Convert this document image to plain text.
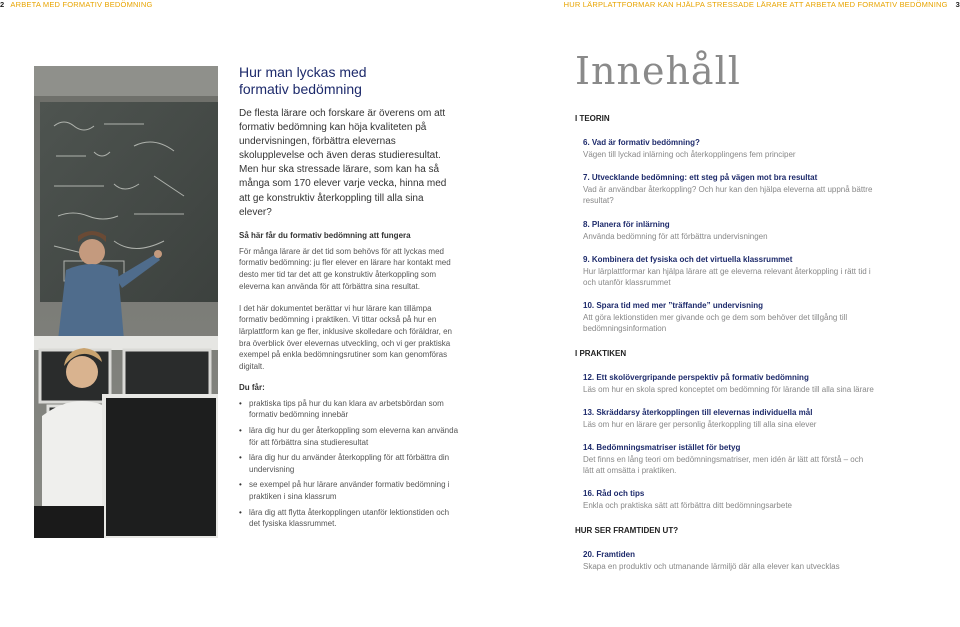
2 ARBETA MED FORMATIV BEDÖMNING	HUR LÄRPLATTFORMAR KAN HJÄLPA STRESSADE LÄRARE ATT ARBETA MED FORMATIV BEDÖMNING 3
Hur man lyckas med formativ bedömning

De flesta lärare och forskare är överens om att formativ bedömning kan höja kvaliteten på undervisningen, förbättra elevernas skolupplevelse och även deras studieresultat. Men hur ska stressade lärare, som kan ha så många som 170 elever varje vecka, hinna med att ge konstruktiv återkoppling till alla sina elever?

Så här får du formativ bedömning att fungera

För många lärare är det tid som behövs för att lyckas med formativ bedömning: ju fler elever en lärare har kontakt med desto mer tid tar det att ge konstruktiv återkoppling som eleverna kan använda för att förbättra sina resultat.

I det här dokumentet berättar vi hur lärare kan tillämpa formativ bedömning i praktiken. Vi tittar också på hur en lärplattform kan ge fler, inklusive skolledare och föräldrar, en bra överblick över elevernas utveckling, och vi ger praktiska exempel på enkla bedömningsrutiner som kan genomföras digitalt.

Du får:
• praktiska tips på hur du kan klara av arbetsbördan som formativ bedömning innebär
• lära dig hur du ger återkoppling som eleverna kan använda för att förbättra sina studieresultat
• lära dig hur du använder återkoppling för att förbättra din undervisning
• se exempel på hur lärare använder formativ bedömning i praktiken i sina klassrum
• lära dig att flytta återkopplingen utanför lektionstiden och det fysiska klassrummet.
Innehåll
I TEORIN
6. Vad är formativ bedömning?
Vägen till lyckad inlärning och återkopplingens fem principer
7. Utvecklande bedömning: ett steg på vägen mot bra resultat
Vad är användbar återkoppling? Och hur kan den hjälpa eleverna att uppnå bättre resultat?
8. Planera för inlärning
Använda bedömning för att förbättra undervisningen
9. Kombinera det fysiska och det virtuella klassrummet
Hur lärplattformar kan hjälpa lärare att ge eleverna relevant återkoppling i rätt tid i och utanför klassrummet
10. Spara tid med mer ”träffande” undervisning
Att göra lektionstiden mer givande och ge dem som behöver det tillgång till bedömningsinformation
I PRAKTIKEN
12. Ett skolövergripande perspektiv på formativ bedömning
Läs om hur en skola spred konceptet om bedömning för lärande till alla sina lärare
13. Skräddarsy återkopplingen till elevernas individuella mål
Läs om hur en lärare ger personlig återkoppling till alla sina elever
14. Bedömningsmatriser istället för betyg
Det finns en lång teori om bedömningsmatriser, men idén är lätt att förstå – och lätt att omsätta i praktiken.
16. Råd och tips
Enkla och praktiska sätt att förbättra ditt bedömningsarbete
HUR SER FRAMTIDEN UT?
20. Framtiden
Skapa en produktiv och utmanande lärmiljö där alla elever kan utvecklas
